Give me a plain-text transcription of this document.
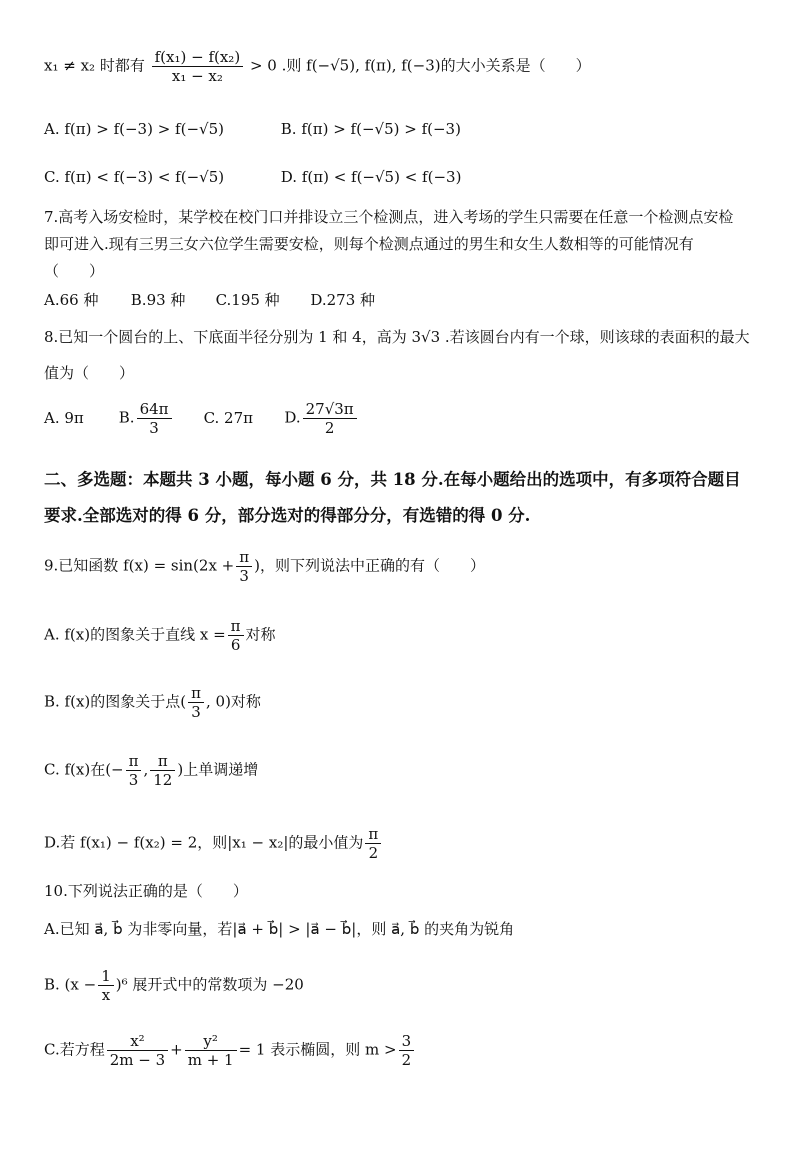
x₁ ≠ x₂ 时都有 $\frac{\text{f(x₁) − f(x₂)}}{\text{x₁ − x₂}} > 0$ .则 f(−√5), f(π), f(−3)的大小关系是（　　）
A. f(π) > f(−3) > f(−√5)	B. f(π) > f(−√5) > f(−3)
C. f(π) < f(−3) < f(−√5)	D. f(π) < f(−√5) < f(−3)
7.高考入场安检时，某学校在校门口并排设立三个检测点，进入考场的学生只需要在任意一个检测点安检
即可进入.现有三男三女六位学生需要安检，则每个检测点通过的男生和女生人数相等的可能情况有
（　　）
A.66 种 B.93 种 C.195 种 D.273 种
8.已知一个圆台的上、下底面半径分别为 1 和 4，高为 3√3 .若该圆台内有一个球，则该球的表面积的最大
值为（　　）
A. 9π B. $\frac{64\pi}{3} C$. 27π D. $\frac{27√3\pi}{2}$
二、多选题：本题共 3 小题，每小题 6 分，共 18 分.在每小题给出的选项中，有多项符合题目
要求.全部选对的得 6 分，部分选对的得部分分，有选错的得 0 分.
9.已知函数 $f(x) = \sin(2x + \frac{\pi}{3}$ )，则下列说法中正确的有（　　）
A. f(x)的图象关于直线 $x = \frac{\pi}{6}$ 对称
B. f(x)的图象关于点( $\frac{\pi}{3}$ , 0)对称
C. f(x)在(− $\frac{\pi}{3}$ , $\frac{\pi}{12}$ )上单调递增
D.若 f(x₁) − f(x₂) = 2，则|x₁ − x₂|的最小值为 $\frac{\pi}{2}$
10.下列说法正确的是（　　）
A.已知 a⃗, b⃗ 为非零向量，若|a⃗ + b⃗| > |a⃗ − b⃗|，则 a⃗, b⃗ 的夹角为锐角
B. $(x - \frac{1}{x} )^6$ 展开式中的常数项为 −20
C.若方程 $\frac{\text{x²}}{2m - 3} + \frac{\text{y²}}{m + 1} = 1$ 表示椭圆，则 $m > \frac{3}{2}$
